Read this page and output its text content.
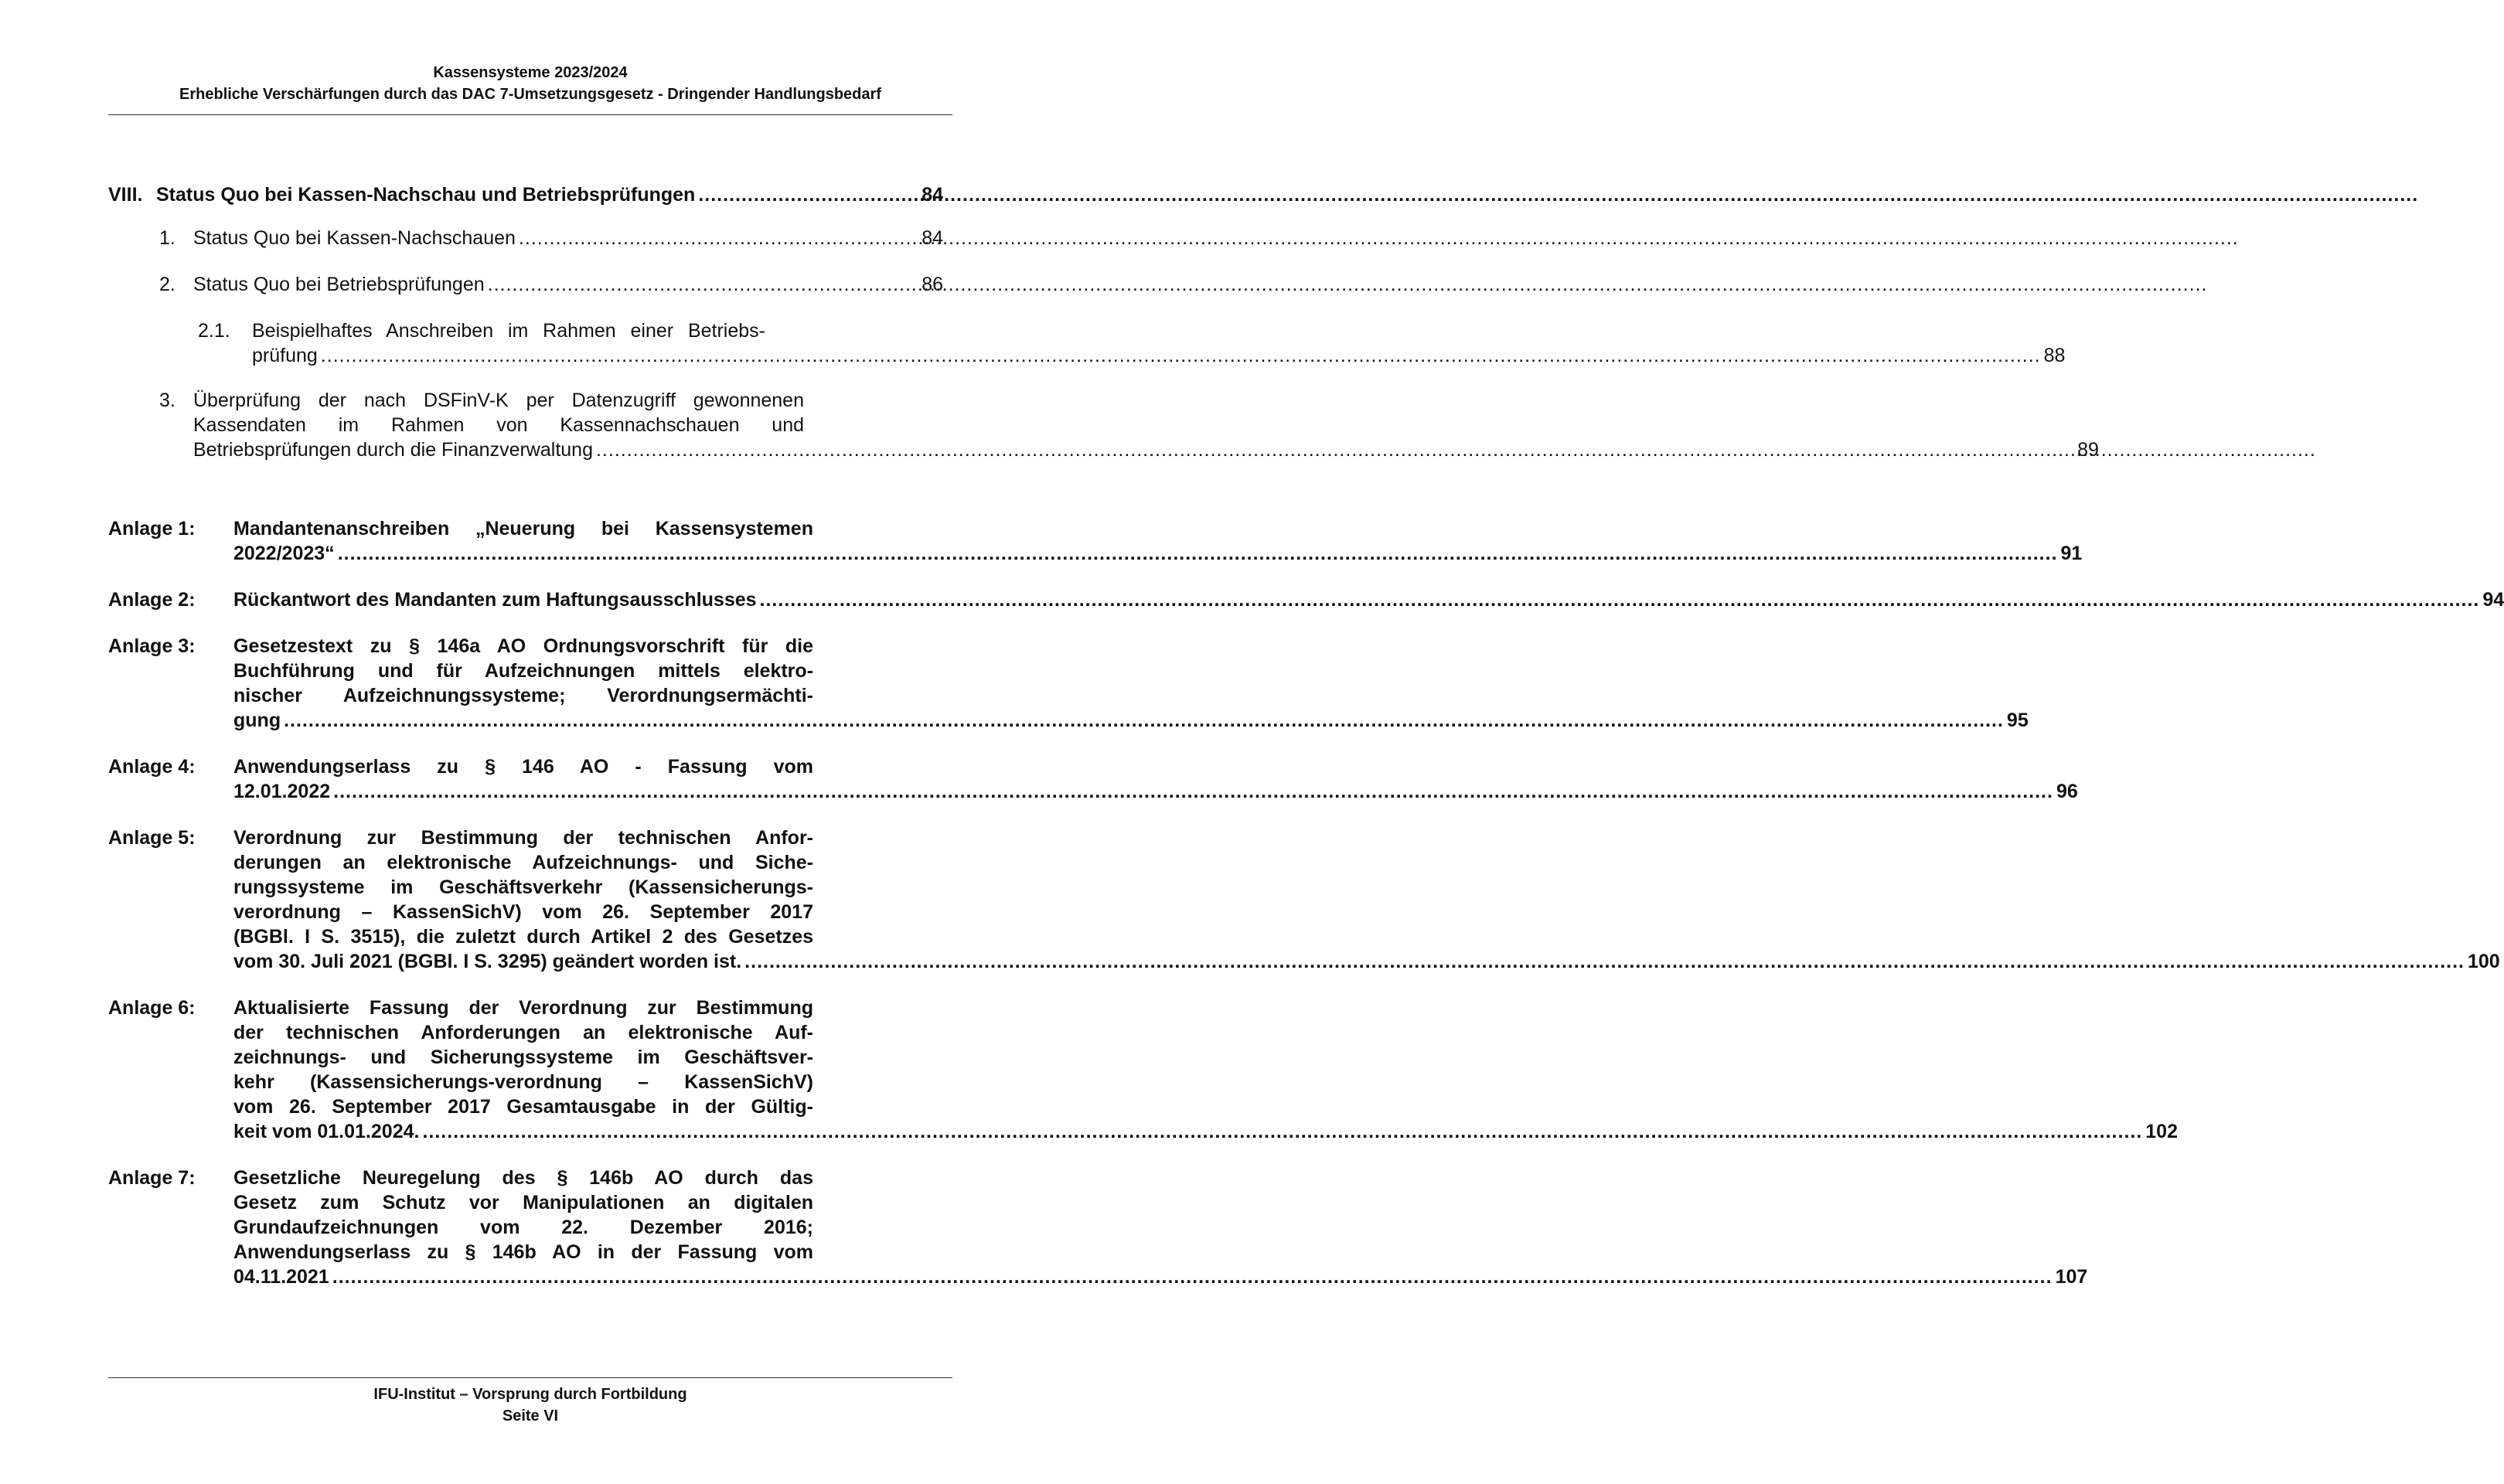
Kassensysteme 2023/2024
Erhebliche Verschärfungen durch das DAC 7-Umsetzungsgesetz - Dringender Handlungsbedarf
VIII. Status Quo bei Kassen-Nachschau und Betriebsprüfungen .....	84
1. Status Quo bei Kassen-Nachschauen .....	84
2. Status Quo bei Betriebsprüfungen .....	86
2.1.	Beispielhaftes Anschreiben im Rahmen einer Betriebs-
prüfung .....	88
3. Überprüfung der nach DSFinV-K per Datenzugriff gewonnenen
Kassendaten im Rahmen von Kassennachschauen und
Betriebsprüfungen durch die Finanzverwaltung .....	89
Anlage 1:	Mandantenanschreiben „Neuerung bei Kassensystemen
2022/2023“ .....	91
Anlage 2:	Rückantwort des Mandanten zum Haftungsausschlusses .....	94
Anlage 3:	Gesetzestext zu § 146a AO Ordnungsvorschrift für die
Buchführung und für Aufzeichnungen mittels elektro-
nischer Aufzeichnungssysteme; Verordnungsermächti-
gung .....	95
Anlage 4:	Anwendungserlass zu § 146 AO - Fassung vom
12.01.2022 .....	96
Anlage 5:	Verordnung zur Bestimmung der technischen Anfor-
derungen an elektronische Aufzeichnungs- und Siche-
rungssysteme im Geschäftsverkehr (Kassensicherungs-
verordnung – KassenSichV) vom 26. September 2017
(BGBl. I S. 3515), die zuletzt durch Artikel 2 des Gesetzes
vom 30. Juli 2021 (BGBl. I S. 3295) geändert worden ist. .....	100
Anlage 6:	Aktualisierte Fassung der Verordnung zur Bestimmung
der technischen Anforderungen an elektronische Auf-
zeichnungs- und Sicherungssysteme im Geschäftsver-
kehr (Kassensicherungs-verordnung – KassenSichV)
vom 26. September 2017 Gesamtausgabe in der Gültig-
keit vom 01.01.2024. .....	102
Anlage 7:	Gesetzliche Neuregelung des § 146b AO durch das
Gesetz zum Schutz vor Manipulationen an digitalen
Grundaufzeichnungen vom 22. Dezember 2016;
Anwendungserlass zu § 146b AO in der Fassung vom
04.11.2021 .....	107
IFU-Institut – Vorsprung durch Fortbildung
Seite VI
